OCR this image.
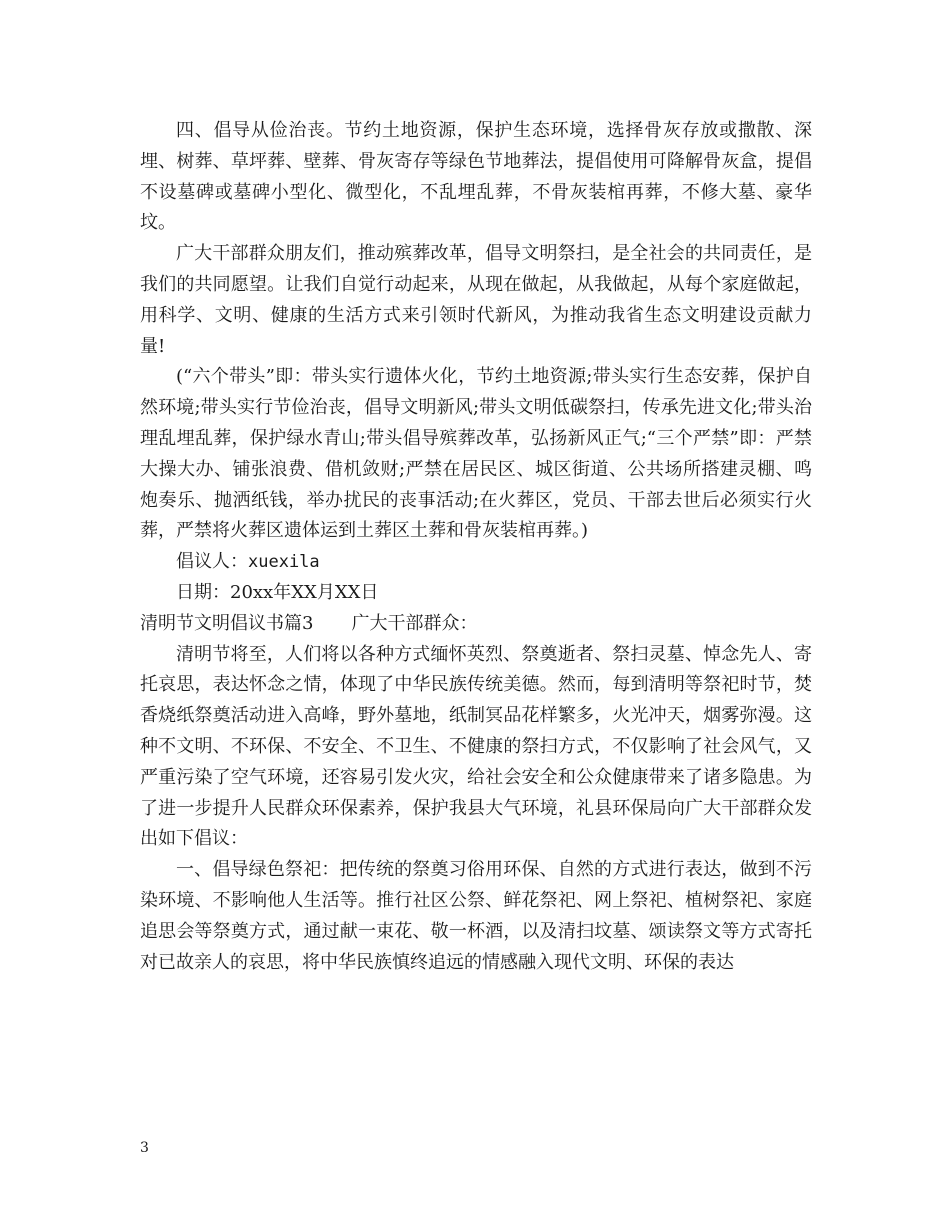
四、倡导从俭治丧。节约土地资源，保护生态环境，选择骨灰存放或撒散、深埋、树葬、草坪葬、壁葬、骨灰寄存等绿色节地葬法，提倡使用可降解骨灰盒，提倡不设墓碑或墓碑小型化、微型化，不乱埋乱葬，不骨灰装棺再葬，不修大墓、豪华坟。

广大干部群众朋友们，推动殡葬改革，倡导文明祭扫，是全社会的共同责任，是我们的共同愿望。让我们自觉行动起来，从现在做起，从我做起，从每个家庭做起，用科学、文明、健康的生活方式来引领时代新风，为推动我省生态文明建设贡献力量!

(“六个带头”即：带头实行遗体火化，节约土地资源;带头实行生态安葬，保护自然环境;带头实行节俭治丧，倡导文明新风;带头文明低碳祭扫，传承先进文化;带头治理乱埋乱葬，保护绿水青山;带头倡导殡葬改革，弘扬新风正气;“三个严禁”即：严禁大操大办、铺张浪费、借机敛财;严禁在居民区、城区街道、公共场所搭建灵棚、鸣炮奏乐、抛洒纸钱，举办扰民的丧事活动;在火葬区，党员、干部去世后必须实行火葬，严禁将火葬区遗体运到土葬区土葬和骨灰装棺再葬。)

倡议人：xuexila

日期：20xx年XX月XX日

清明节文明倡议书篇3 广大干部群众：

清明节将至，人们将以各种方式缅怀英烈、祭奠逝者、祭扫灵墓、悼念先人、寄托哀思，表达怀念之情，体现了中华民族传统美德。然而，每到清明等祭祀时节，焚香烧纸祭奠活动进入高峰，野外墓地，纸制冥品花样繁多，火光冲天，烟雾弥漫。这种不文明、不环保、不安全、不卫生、不健康的祭扫方式，不仅影响了社会风气，又严重污染了空气环境，还容易引发火灾，给社会安全和公众健康带来了诸多隐患。为了进一步提升人民群众环保素养，保护我县大气环境，礼县环保局向广大干部群众发出如下倡议：

一、倡导绿色祭祀：把传统的祭奠习俗用环保、自然的方式进行表达，做到不污染环境、不影响他人生活等。推行社区公祭、鲜花祭祀、网上祭祀、植树祭祀、家庭追思会等祭奠方式，通过献一束花、敬一杯酒，以及清扫坟墓、颂读祭文等方式寄托对已故亲人的哀思，将中华民族慎终追远的情感融入现代文明、环保的表达

3
